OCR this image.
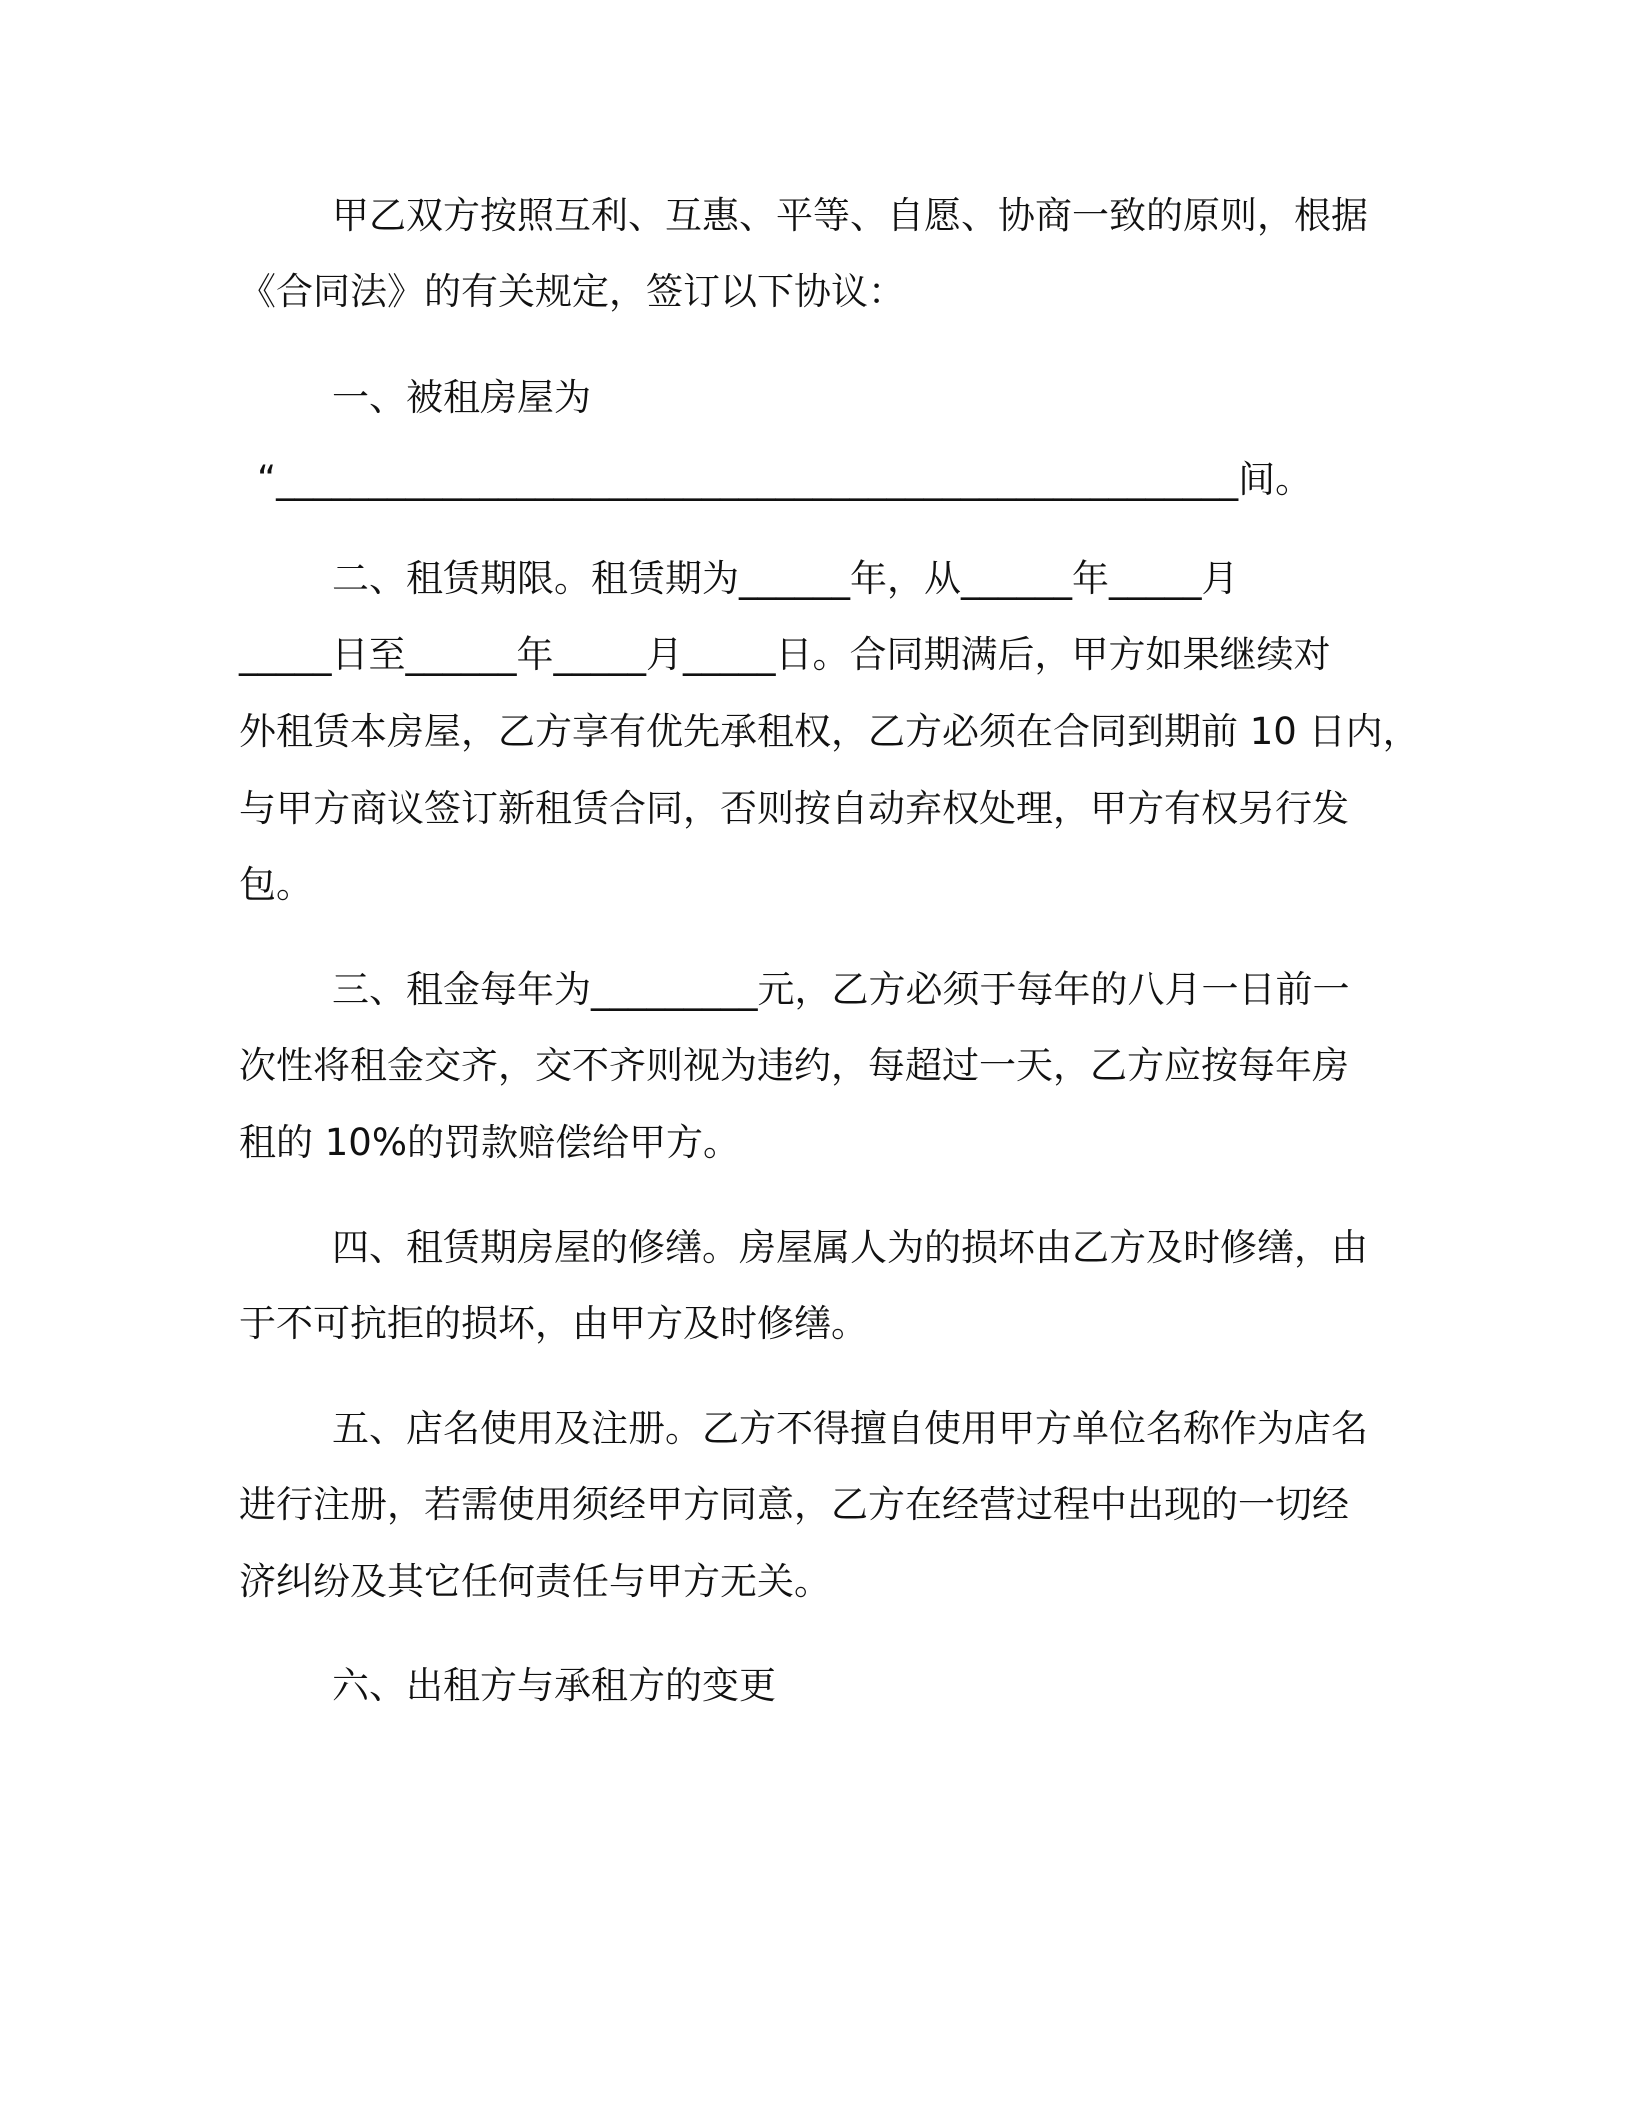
甲乙双方按照互利、互惠、平等、自愿、协商一致的原则，根据
《合同法》的有关规定，签订以下协议：
一、被租房屋为
“____________________________________________________间。
二、租赁期限。租赁期为______年，从______年_____月
_____日至______年_____月_____日。合同期满后，甲方如果继续对
外租赁本房屋，乙方享有优先承租权，乙方必须在合同到期前 10 日内，
与甲方商议签订新租赁合同，否则按自动弃权处理，甲方有权另行发
包。
三、租金每年为_________元，乙方必须于每年的八月一日前一
次性将租金交齐，交不齐则视为违约，每超过一天，乙方应按每年房
租的 10%的罚款赔偿给甲方。
四、租赁期房屋的修缮。房屋属人为的损坏由乙方及时修缮，由
于不可抗拒的损坏，由甲方及时修缮。
五、店名使用及注册。乙方不得擅自使用甲方单位名称作为店名
进行注册，若需使用须经甲方同意，乙方在经营过程中出现的一切经
济纠纷及其它任何责任与甲方无关。
六、出租方与承租方的变更
